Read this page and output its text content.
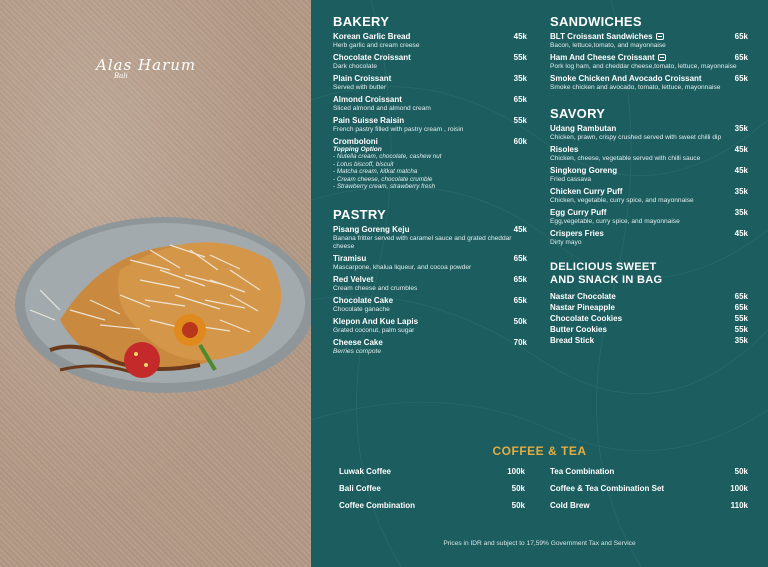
Alas Harum
Bali
BAKERY
Korean Garlic Bread	45k
Herb garlic and cream creese
Chocolate Croissant	55k
Dark chocolate
Plain Croissant	35k
Served with butter
Almond Croissant	65k
Sliced almond and almond cream
Pain Suisse Raisin	55k
French pastry filled with pastry cream , roisin
Cromboloni	60k
Topping Option
- Nutella cream, chocolate, cashew nut
- Lotus biscoff, biscuit
- Matcha cream, kitkat matcha
- Cream cheese, chocolate crumble
- Strawberry cream, strawberry fresh
PASTRY
Pisang Goreng Keju	45k
Banana fritter served with caramel sauce and grated cheddar cheese
Tiramisu	65k
Mascarpone, khalua liqueur, and cocoa powder
Red Velvet	65k
Cream cheese and crumbles
Chocolate Cake	65k
Chocolate ganache
Klepon And Kue Lapis	50k
Grated coconut, palm sugar
Cheese Cake	70k
Berries compote
SANDWICHES
BLT Croissant Sandwiches	65k
Bacon, lettuce,tomato, and mayonnaise
Ham And Cheese Croissant	65k
Pork log ham, and cheddar cheese,tomato, lettuce, mayonnaise
Smoke Chicken And Avocado Croissant	65k
Smoke chicken and avocado, tomato, lettuce, mayonnaise
SAVORY
Udang Rambutan	35k
Chicken, prawn, crispy crushed served with sweet chilli dip
Risoles	45k
Chicken, cheese, vegetable served with chilli sauce
Singkong Goreng	45k
Fried cassava
Chicken Curry Puff	35k
Chicken, vegetable, curry spice, and mayonnaise
Egg Curry Puff	35k
Egg,vegetable, curry spice, and mayonnaise
Crispers Fries	45k
Dirty mayo
DELICIOUS SWEET
AND SNACK IN BAG
Nastar Chocolate	65k
Nastar Pineapple	65k
Chocolate Cookies	55k
Butter Cookies	55k
Bread Stick	35k
COFFEE & TEA
Luwak Coffee	100k
Bali Coffee	50k
Coffee Combination	50k
Tea Combination	50k
Coffee & Tea Combination Set	100k
Cold Brew	110k
Prices in IDR and subject to 17,59% Government Tax and Service
